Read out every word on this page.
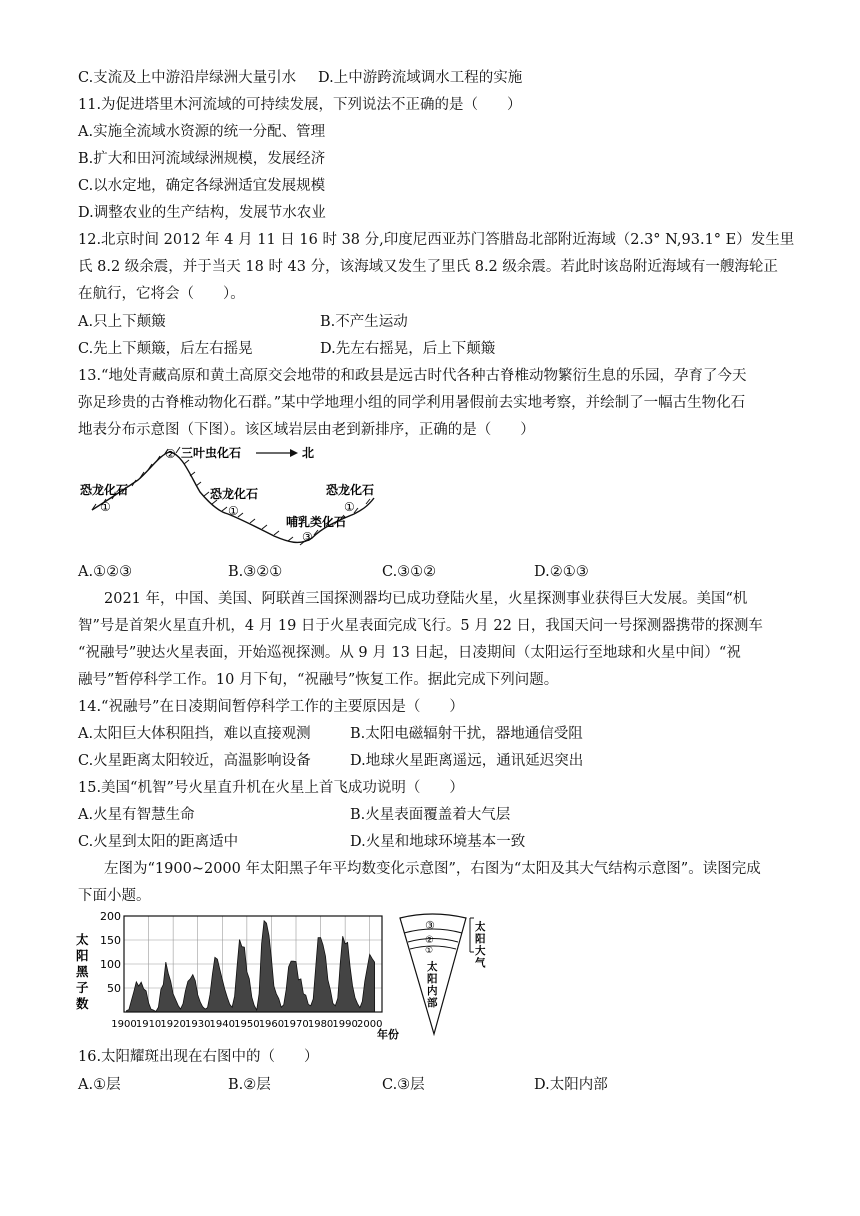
C.支流及上中游沿岸绿洲大量引水 D.上中游跨流域调水工程的实施
11.为促进塔里木河流域的可持续发展，下列说法不正确的是（　　）
A.实施全流域水资源的统一分配、管理
B.扩大和田河流域绿洲规模，发展经济
C.以水定地，确定各绿洲适宜发展规模
D.调整农业的生产结构，发展节水农业
12.北京时间 2012 年 4 月 11 日 16 时 38 分,印度尼西亚苏门答腊岛北部附近海域（2.3° N,93.1° E）发生里
氏 8.2 级余震，并于当天 18 时 43 分，该海域又发生了里氏 8.2 级余震。若此时该岛附近海域有一艘海轮正
在航行，它将会（　　）。
A.只上下颠簸	B.不产生运动
C.先上下颠簸，后左右摇晃	D.先左右摇晃，后上下颠簸
13.“地处青藏高原和黄土高原交会地带的和政县是远古时代各种古脊椎动物繁衍生息的乐园，孕育了今天
弥足珍贵的古脊椎动物化石群。”某中学地理小组的同学利用暑假前去实地考察，并绘制了一幅古生物化石
地表分布示意图（下图）。该区域岩层由老到新排序，正确的是（　　）
② 三叶虫化石	北
恐龙化石
①
恐龙化石
①
恐龙化石
①
哺乳类化石
③
A.①②③	B.③②①	C.③①②	D.②①③
2021 年，中国、美国、阿联酋三国探测器均已成功登陆火星，火星探测事业获得巨大发展。美国“机
智”号是首架火星直升机，4 月 19 日于火星表面完成飞行。5 月 22 日，我国天问一号探测器携带的探测车
“祝融号”驶达火星表面，开始巡视探测。从 9 月 13 日起，日凌期间（太阳运行至地球和火星中间）“祝
融号”暂停科学工作。10 月下旬，“祝融号”恢复工作。据此完成下列问题。
14.“祝融号”在日凌期间暂停科学工作的主要原因是（　　）
A.太阳巨大体积阻挡，难以直接观测	B.太阳电磁辐射干扰，器地通信受阻
C.火星距离太阳较近，高温影响设备	D.地球火星距离遥远，通讯延迟突出
15.美国“机智”号火星直升机在火星上首飞成功说明（　　）
A.火星有智慧生命	B.火星表面覆盖着大气层
C.火星到太阳的距离适中	D.火星和地球环境基本一致
左图为“1900~2000 年太阳黑子年平均数变化示意图”，右图为“太阳及其大气结构示意图”。读图完成
下面小题。
50
100
150
200
1900 1910 1920 1930 1940 1950 1960 1970 1980 1990 2000
太阳黑子数
年份
③
②
①
太阳大气
太阳内部
16.太阳耀斑出现在右图中的（　　）
A.①层	B.②层	C.③层	D.太阳内部
